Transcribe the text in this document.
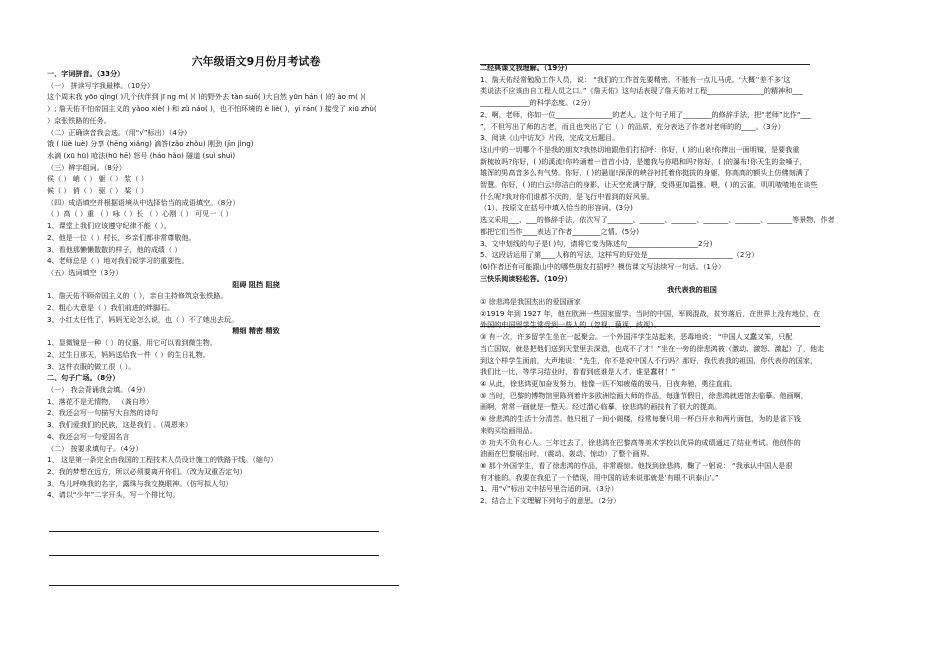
六年级语文9月份月考试卷
一、字词拼音。（33分）
（一） 拼读写字我最棒。（10分）
这个周末我 yōo qǐng( )几个伙伴到 jī ng m( )( )的野外去 tàn suǒ( )大自然 yūn hán ( )的 ào m( )(
）; 詹天佑不怕帝国主义的 yǎoo xiè( ) 和 zǔ náo( )，也不怕环境的 è liè( )，yì rán( ) 接受了 xiū zhù(
）京张铁路的任务。
（二）正确读音我会选。（用“√”标出）（4分）
饿 ( lüè luè) 分享 (hēng xiǎng) 滴答(zǎo zhǒu) 刚劲 (jìn jìng)
水滴 (xū hū) 呛法(hū hē) 怒号 (háo hǎo) 隧道 (suì shuì)
（三）辨字组词。（8分）
侯（ ） 峭（ ） 躯（ ） 浆（ ）
候（ ） 俏（ ） 驱（ ） 桨（ ）
（四）成语填空并根据语境从中选择恰当的成语填空。（8分）
（ ）高（ ）重 （ ）咏（ ）长 （ ）心刚（ ） 可见一（ ）
1、课堂上我们应该遵守纪律不能（ ）。
2、他是一位（ ）村长，乡亲们都非常尊敬他。
3、看他那懒懒散散的样子，他的成绩（ ）
4、老师总是（ ）地对我们说学习的重要性。
（五）选词填空（3分）
阻碍 阻挡 阻挠
1、詹天佑不顾帝国主义的（ ），亲自主持修筑京张铁路。
2、粗心大意是（ ）我们前进的绊脚石。
3、小红太任性了，妈妈无论怎么说，也（ ）不了她出去玩。
精细 精密 精致
1、显微镜是一种（ ）的仪器，用它可以看到微生物。
2、过生日那天，妈妈送给我一件（ ）的生日礼物。
3、这件衣服的做工很（ ）。
二、句子广场。（8分）
（一） 我会背诵我会填。（4分）
1、落花不是无情物， （龚自珍）
2、我还会写一句描写大自然的诗句
3、我们爱我们的民族，这是我们 。（周恩来）
4、我还会写一句爱国名言
（二） 按要求填句子。（4分）
1、 这是第一条完全由我国的工程技术人员设计施工的铁路干线。（缩句）
2、我的梦想在远方，所以必须要离开你们。（改为双重否定句）
3、鸟儿呼唤我的名字，露珠与我交换眼神。（仿写拟人句）
4、请以“少年”二字开头，写一个排比句。
二经典课文我理解。（19分）
1、詹天佑经常勉励工作人员，说： “我们的工作首先要精密，不能有一点儿马虎。‘大概’‘差不多’这
类说法不应该由自工程人员之口。”《詹天佑》这句话表现了詹天佑对工程________________的精神和___
______________的科学态度。（2分）
2、啊，老师，你如一位________________的老人。这个句子用了________的修辞手法，把“老师”比作“___
”，不但写出了师的古老，而且也突出了它（ ）的品质，充分表达了作者对老师的的____。（3分）
3、阅读《山中访友》片段，完成文后题目。
这山中的一切哪个不是我的朋友?我热切地跟他们打招呼：你好，( )的山泉!你捧出一面明镜，是要我重
新梳妆吗?你好，( )的溪流!你吟诵着一首首小诗，是邀我与你唱和吗?你好，( )的瀑布!你天生的金嗓子，
雄浑的男高音多么有气势。你好，( )的悬崖!深深的峡谷衬托着你挺拔的身躯，你高高的额头上仿佛刻满了
智慧。你好，( )的白云!你洁白的身影，让天空充满宁静，变得更加温雅。喂，( )的云雀，叽叽喳喳地在谈些
什么呢?我对你们谁都不厌的，是飞行中看到的好风景。
（1）、按原文在括号中填入恰当的形容词。(3分)
选文采用___、___的修辞手法，依次写了_______、_______、_______、_______、_______、_______等景物，作者
都把它们当作____表达了作者________之情。(5分)
3、文中划线的句子是( )句，请将它变为陈述句____________________2分)
5、这段话运用了第____人称的写法，这样写的好处是________________________（2分）
(6)作者还有可能跟山中的哪些朋友打招呼？模仿课文写法续写一句话。（1分）
三快乐阅读轻松答。（10分）
我代表我的祖国
① 徐悲鸿是我国杰出的爱国画家
②1919 年到 1927 年，他在欧洲一些国家留学。当时的中国，军阀混战，贫穷落后，在世界上没有地位，在
外国的中国留学生常受到一些人的（忽视、藐视、歧视）。
③ 有一次，许多留学生坐在一起聚会。一个外国洋学生站起来，恶毒地说： “中国人又蠢又笨，只配
当亡国奴，就是把他们送到天堂里去深造，也成不了才！”坐在一旁的徐悲鸿被（激动、激怒、激起）了，他走
到这个样学生面前，大声地说：“先生，你不是说中国人不行吗？那好，我代表我的祖国，你代表你的国家，
我们比一比，等学习结业时，看看到底谁是人才，谁是蠢材！”
④ 从此，徐悲鸿更加奋发努力，他像一匹不知疲倦的骏马，日夜奔驰，勇往直前。
⑤ 当时，巴黎的博物馆里陈列着许多欧洲绘画大师的作品，每逢节假日，徐悲鸿就进馆去临摹。他画啊，
画啊，常常一画就是一整天。经过潜心临摹，徐悲鸿的画技有了很大的提高。
⑥ 徐悲鸿的生活十分清苦。他只租了一间小阁楼，经常每餐只用一杯白开水和两片面包，为的是省下钱
来购买绘画用品。
⑦ 功夫不负有心人。三年过去了，徐悲鸿在巴黎高等美术学校以优异的成绩通过了结业考试。他创作的
油画在巴黎展出时，（震动、轰动、惊动）了整个画界。
⑧ 那个外国学生，看了徐悲鸿的作品，非常震惊。他找到徐悲鸿，鞠了一躬说： “我承认中国人是很
有才能的。我要在我犯了一个错误，用中国的话来说那就是‘有眼不识泰山’。”
1、用“√”标出文中括号里合适的词。（3分）
2、结合上下文理解下列句子的意思。（2分）
